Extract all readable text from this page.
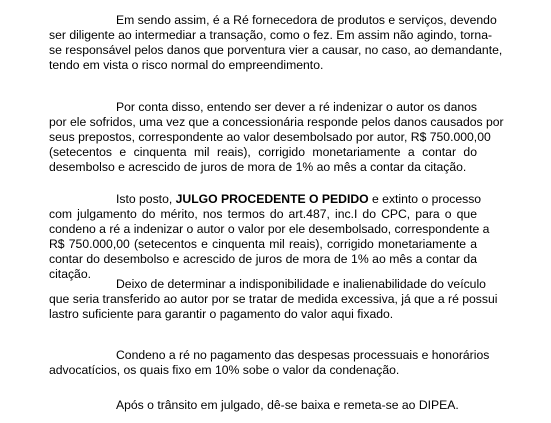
Em sendo assim, é a Ré fornecedora de produtos e serviços, devendo
ser diligente ao intermediar a transação, como o fez. Em assim não agindo, torna-
se responsável pelos danos que porventura vier a causar, no caso, ao demandante,
tendo em vista o risco normal do empreendimento.

Por conta disso, entendo ser dever a ré indenizar o autor os danos
por ele sofridos, uma vez que a concessionária responde pelos danos causados por
seus prepostos, correspondente ao valor desembolsado por autor, R$ 750.000,00
(setecentos e cinquenta mil reais), corrigido monetariamente a contar do
desembolso e acrescido de juros de mora de 1% ao mês a contar da citação.

Isto posto, JULGO PROCEDENTE O PEDIDO e extinto o processo
com julgamento do mérito, nos termos do art.487, inc.I do CPC, para o que
condeno a ré a indenizar o autor o valor por ele desembolsado, correspondente a
R$ 750.000,00 (setecentos e cinquenta mil reais), corrigido monetariamente a
contar do desembolso e acrescido de juros de mora de 1% ao mês a contar da
citação.

Deixo de determinar a indisponibilidade e inalienabilidade do veículo
que seria transferido ao autor por se tratar de medida excessiva, já que a ré possui
lastro suficiente para garantir o pagamento do valor aqui fixado.

Condeno a ré no pagamento das despesas processuais e honorários
advocatícios, os quais fixo em 10% sobe o valor da condenação.

Após o trânsito em julgado, dê-se baixa e remeta-se ao DIPEA.
